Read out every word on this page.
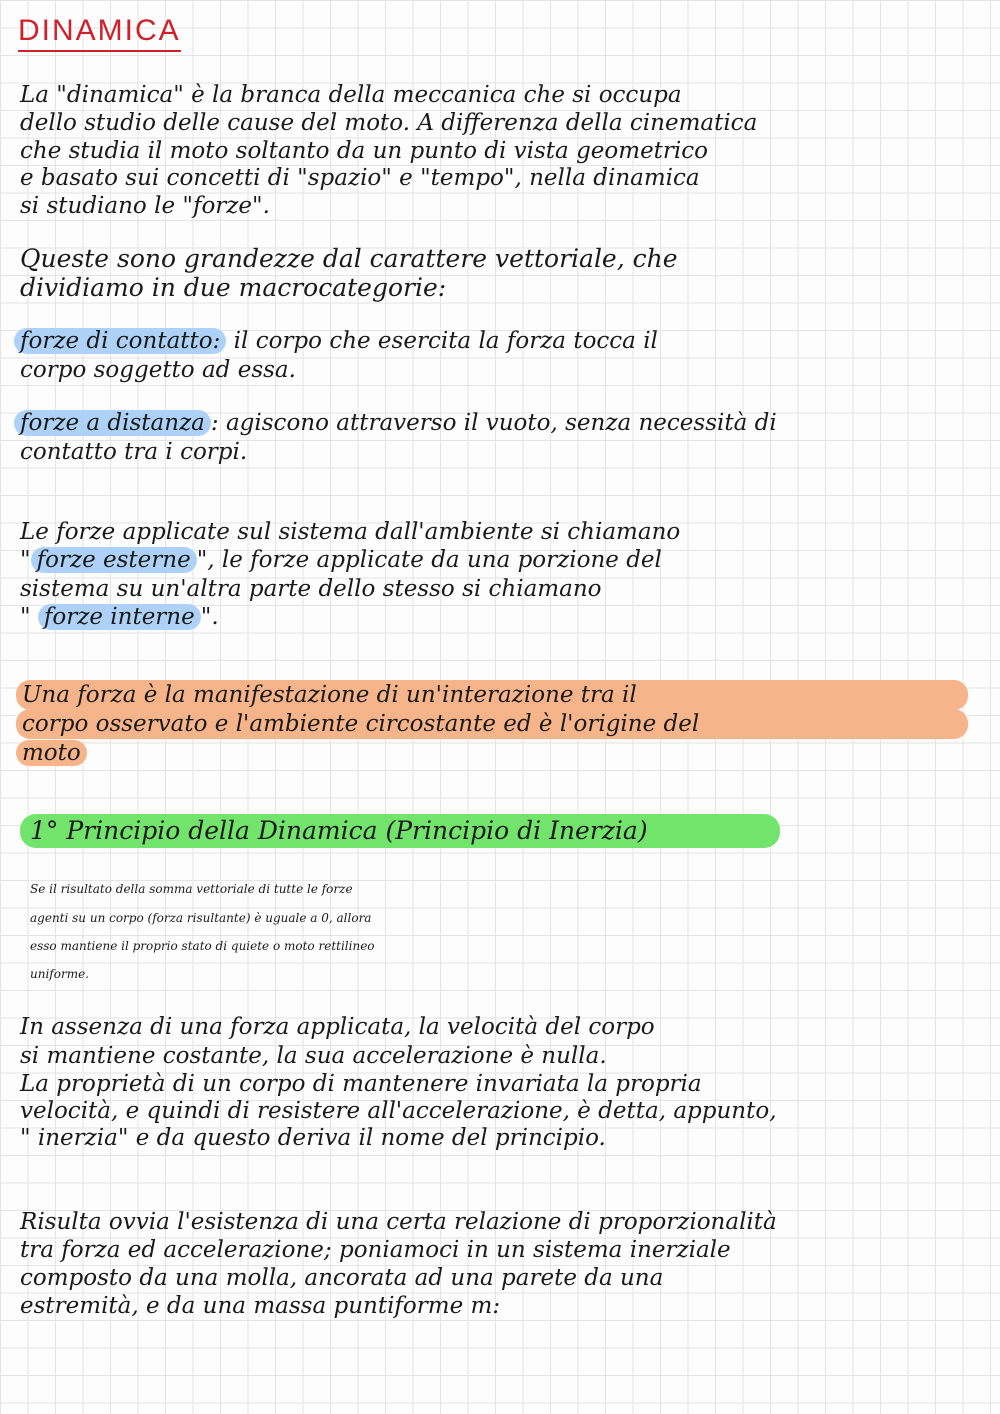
DINAMICA
La "dinamica" è la branca della meccanica che si occupa
dello studio delle cause del moto. A differenza della cinematica
che studia il moto soltanto da un punto di vista geometrico
e basato sui concetti di "spazio" e "tempo", nella dinamica
si studiano le "forze".
Queste sono grandezze dal carattere vettoriale, che
dividiamo in due macrocategorie:
forze di contatto: il corpo che esercita la forza tocca il
corpo soggetto ad essa.
forze a distanza : agiscono attraverso il vuoto, senza necessità di
contatto tra i corpi.
Le forze applicate sul sistema dall'ambiente si chiamano
" forze esterne ", le forze applicate da una porzione del
sistema su un'altra parte dello stesso si chiamano
" forze interne ".
Una forza è la manifestazione di un'interazione tra il
corpo osservato e l'ambiente circostante ed è l'origine del
moto
1° Principio della Dinamica (Principio di Inerzia)
Se il risultato della somma vettoriale di tutte le forze
agenti su un corpo (forza risultante) è uguale a 0, allora
esso mantiene il proprio stato di quiete o moto rettilineo
uniforme.
In assenza di una forza applicata, la velocità del corpo
si mantiene costante, la sua accelerazione è nulla.
La proprietà di un corpo di mantenere invariata la propria
velocità, e quindi di resistere all'accelerazione, è detta, appunto,
" inerzia" e da questo deriva il nome del principio.
Risulta ovvia l'esistenza di una certa relazione di proporzionalità
tra forza ed accelerazione; poniamoci in un sistema inerziale
composto da una molla, ancorata ad una parete da una
estremità, e da una massa puntiforme m:
